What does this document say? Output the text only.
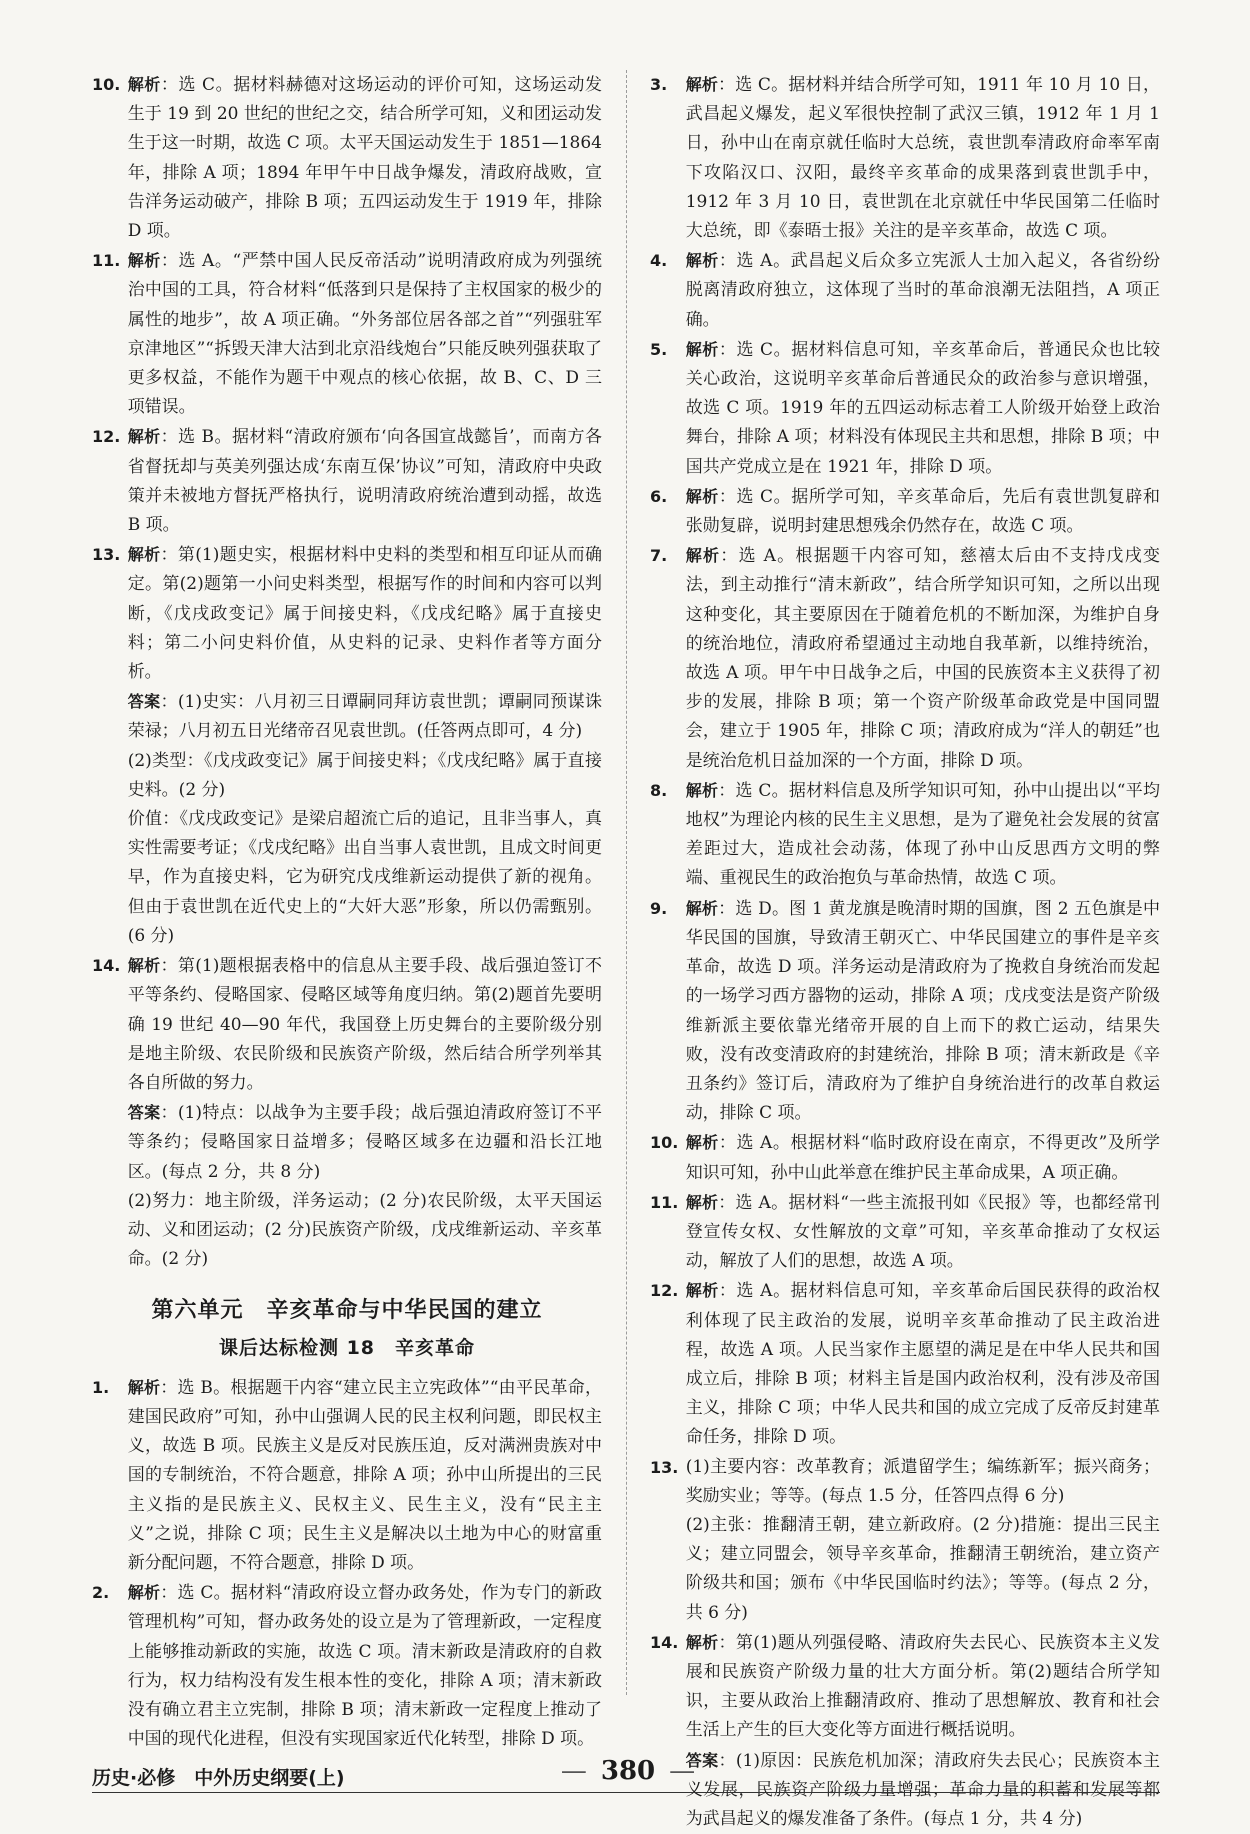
10. 解析：选 C。据材料赫德对这场运动的评价可知，这场运动发生于 19 到 20 世纪的世纪之交，结合所学可知，义和团运动发生于这一时期，故选 C 项。太平天国运动发生于 1851—1864 年，排除 A 项；1894 年甲午中日战争爆发，清政府战败，宣告洋务运动破产，排除 B 项；五四运动发生于 1919 年，排除 D 项。

11. 解析：选 A。“严禁中国人民反帝活动”说明清政府成为列强统治中国的工具，符合材料“低落到只是保持了主权国家的极少的属性的地步”，故 A 项正确。“外务部位居各部之首”“列强驻军京津地区”“拆毁天津大沽到北京沿线炮台”只能反映列强获取了更多权益，不能作为题干中观点的核心依据，故 B、C、D 三项错误。

12. 解析：选 B。据材料“清政府颁布‘向各国宣战懿旨’，而南方各省督抚却与英美列强达成‘东南互保’协议”可知，清政府中央政策并未被地方督抚严格执行，说明清政府统治遭到动摇，故选 B 项。

13. 解析：第(1)题史实，根据材料中史料的类型和相互印证从而确定。第(2)题第一小问史料类型，根据写作的时间和内容可以判断，《戊戌政变记》属于间接史料，《戊戌纪略》属于直接史料；第二小问史料价值，从史料的记录、史料作者等方面分析。

答案：(1)史实：八月初三日谭嗣同拜访袁世凯；谭嗣同预谋诛荣禄；八月初五日光绪帝召见袁世凯。(任答两点即可，4 分)

(2)类型：《戊戌政变记》属于间接史料；《戊戌纪略》属于直接史料。(2 分)

价值：《戊戌政变记》是梁启超流亡后的追记，且非当事人，真实性需要考证；《戊戌纪略》出自当事人袁世凯，且成文时间更早，作为直接史料，它为研究戊戌维新运动提供了新的视角。但由于袁世凯在近代史上的“大奸大恶”形象，所以仍需甄别。(6 分)

14. 解析：第(1)题根据表格中的信息从主要手段、战后强迫签订不平等条约、侵略国家、侵略区域等角度归纳。第(2)题首先要明确 19 世纪 40—90 年代，我国登上历史舞台的主要阶级分别是地主阶级、农民阶级和民族资产阶级，然后结合所学列举其各自所做的努力。

答案：(1)特点：以战争为主要手段；战后强迫清政府签订不平等条约；侵略国家日益增多；侵略区域多在边疆和沿长江地区。(每点 2 分，共 8 分)

(2)努力：地主阶级，洋务运动；(2 分)农民阶级，太平天国运动、义和团运动；(2 分)民族资产阶级，戊戌维新运动、辛亥革命。(2 分)

第六单元　辛亥革命与中华民国的建立
课后达标检测 18　辛亥革命

1. 解析：选 B。根据题干内容“建立民主立宪政体”“由平民革命，建国民政府”可知，孙中山强调人民的民主权利问题，即民权主义，故选 B 项。民族主义是反对民族压迫，反对满洲贵族对中国的专制统治，不符合题意，排除 A 项；孙中山所提出的三民主义指的是民族主义、民权主义、民生主义，没有“民主主义”之说，排除 C 项；民生主义是解决以土地为中心的财富重新分配问题，不符合题意，排除 D 项。

2. 解析：选 C。据材料“清政府设立督办政务处，作为专门的新政管理机构”可知，督办政务处的设立是为了管理新政，一定程度上能够推动新政的实施，故选 C 项。清末新政是清政府的自救行为，权力结构没有发生根本性的变化，排除 A 项；清末新政没有确立君主立宪制，排除 B 项；清末新政一定程度上推动了中国的现代化进程，但没有实现国家近代化转型，排除 D 项。

3. 解析：选 C。据材料并结合所学可知，1911 年 10 月 10 日，武昌起义爆发，起义军很快控制了武汉三镇，1912 年 1 月 1 日，孙中山在南京就任临时大总统，袁世凯奉清政府命率军南下攻陷汉口、汉阳，最终辛亥革命的成果落到袁世凯手中，1912 年 3 月 10 日，袁世凯在北京就任中华民国第二任临时大总统，即《泰晤士报》关注的是辛亥革命，故选 C 项。

4. 解析：选 A。武昌起义后众多立宪派人士加入起义，各省纷纷脱离清政府独立，这体现了当时的革命浪潮无法阻挡，A 项正确。

5. 解析：选 C。据材料信息可知，辛亥革命后，普通民众也比较关心政治，这说明辛亥革命后普通民众的政治参与意识增强，故选 C 项。1919 年的五四运动标志着工人阶级开始登上政治舞台，排除 A 项；材料没有体现民主共和思想，排除 B 项；中国共产党成立是在 1921 年，排除 D 项。

6. 解析：选 C。据所学可知，辛亥革命后，先后有袁世凯复辟和张勋复辟，说明封建思想残余仍然存在，故选 C 项。

7. 解析：选 A。根据题干内容可知，慈禧太后由不支持戊戌变法，到主动推行“清末新政”，结合所学知识可知，之所以出现这种变化，其主要原因在于随着危机的不断加深，为维护自身的统治地位，清政府希望通过主动地自我革新，以维持统治，故选 A 项。甲午中日战争之后，中国的民族资本主义获得了初步的发展，排除 B 项；第一个资产阶级革命政党是中国同盟会，建立于 1905 年，排除 C 项；清政府成为“洋人的朝廷”也是统治危机日益加深的一个方面，排除 D 项。

8. 解析：选 C。据材料信息及所学知识可知，孙中山提出以“平均地权”为理论内核的民生主义思想，是为了避免社会发展的贫富差距过大，造成社会动荡，体现了孙中山反思西方文明的弊端、重视民生的政治抱负与革命热情，故选 C 项。

9. 解析：选 D。图 1 黄龙旗是晚清时期的国旗，图 2 五色旗是中华民国的国旗，导致清王朝灭亡、中华民国建立的事件是辛亥革命，故选 D 项。洋务运动是清政府为了挽救自身统治而发起的一场学习西方器物的运动，排除 A 项；戊戌变法是资产阶级维新派主要依靠光绪帝开展的自上而下的救亡运动，结果失败，没有改变清政府的封建统治，排除 B 项；清末新政是《辛丑条约》签订后，清政府为了维护自身统治进行的改革自救运动，排除 C 项。

10. 解析：选 A。根据材料“临时政府设在南京，不得更改”及所学知识可知，孙中山此举意在维护民主革命成果，A 项正确。

11. 解析：选 A。据材料“一些主流报刊如《民报》等，也都经常刊登宣传女权、女性解放的文章”可知，辛亥革命推动了女权运动，解放了人们的思想，故选 A 项。

12. 解析：选 A。据材料信息可知，辛亥革命后国民获得的政治权利体现了民主政治的发展，说明辛亥革命推动了民主政治进程，故选 A 项。人民当家作主愿望的满足是在中华人民共和国成立后，排除 B 项；材料主旨是国内政治权利，没有涉及帝国主义，排除 C 项；中华人民共和国的成立完成了反帝反封建革命任务，排除 D 项。

13. (1)主要内容：改革教育；派遣留学生；编练新军；振兴商务；奖励实业；等等。(每点 1.5 分，任答四点得 6 分)

(2)主张：推翻清王朝，建立新政府。(2 分)措施：提出三民主义；建立同盟会，领导辛亥革命，推翻清王朝统治，建立资产阶级共和国；颁布《中华民国临时约法》；等等。(每点 2 分，共 6 分)

14. 解析：第(1)题从列强侵略、清政府失去民心、民族资本主义发展和民族资产阶级力量的壮大方面分析。第(2)题结合所学知识，主要从政治上推翻清政府、推动了思想解放、教育和社会生活上产生的巨大变化等方面进行概括说明。

答案：(1)原因：民族危机加深；清政府失去民心；民族资本主义发展，民族资产阶级力量增强；革命力量的积蓄和发展等都为武昌起义的爆发准备了条件。(每点 1 分，共 4 分)

历史·必修　中外历史纲要(上)	— 380 —
